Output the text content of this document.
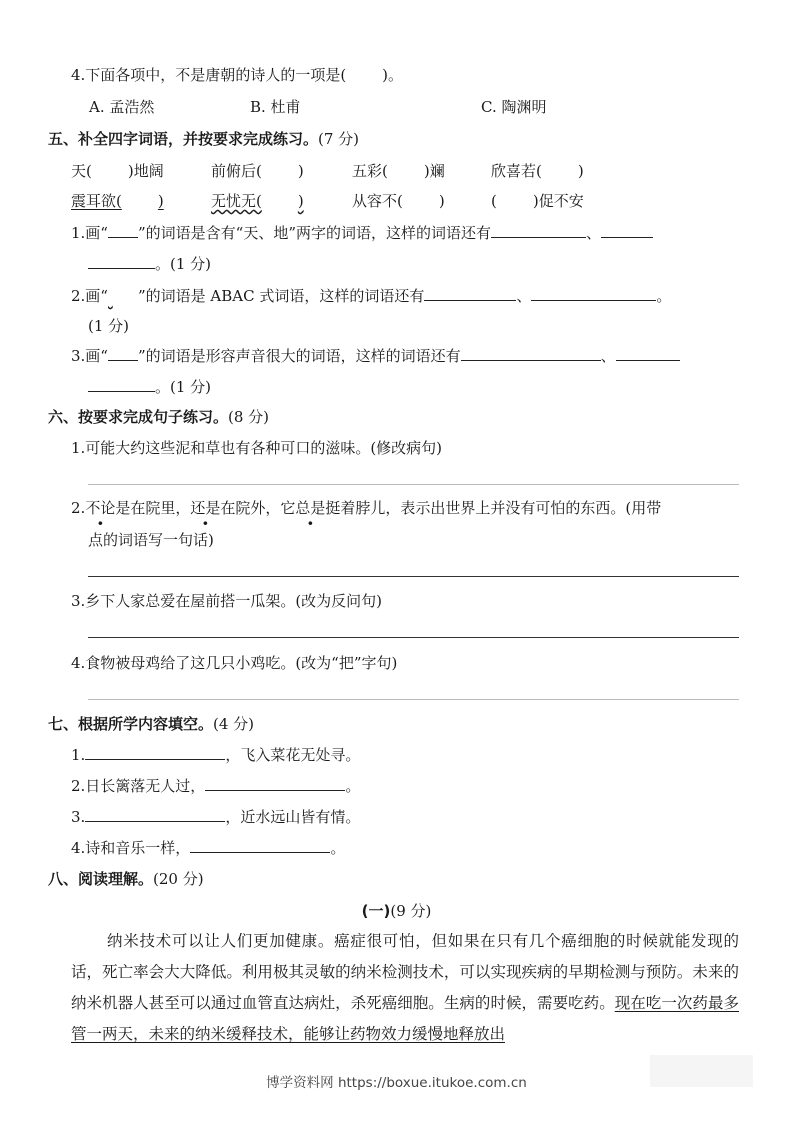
4.下面各项中，不是唐朝的诗人的一项是( )。
A. 孟浩然	B. 杜甫	C. 陶渊明
五、补全四字词语，并按要求完成练习。(7 分)
天( )地阔	前俯后( )	五彩( )斓	欣喜若( )
震耳欲( )	无忧无( )	从容不( )	( )促不安
1.画“ ”的词语是含有“天、地”两字的词语，这样的词语还有	、
。(1 分)
2.画“ ”的词语是 ABAC 式词语，这样的词语还有	、	。
(1 分)
3.画“ ”的词语是形容声音很大的词语，这样的词语还有	、
。(1 分)
六、按要求完成句子练习。(8 分)
1.可能大约这些泥和草也有各种可口的滋味。(修改病句)
2.不论是在院里，还是在院外，它总是挺着脖儿，表示出世界上并没有可怕的东西。(用带
点的词语写一句话)
3.乡下人家总爱在屋前搭一瓜架。(改为反问句)
4.食物被母鸡给了这几只小鸡吃。(改为“把”字句)
七、根据所学内容填空。(4 分)
1.	，飞入菜花无处寻。
2.日长篱落无人过，	。
3.	，近水远山皆有情。
4.诗和音乐一样，	。
八、阅读理解。(20 分)
(一)(9 分)
纳米技术可以让人们更加健康。癌症很可怕，但如果在只有几个癌细胞的时候就能发现的话，死亡率会大大降低。利用极其灵敏的纳米检测技术，可以实现疾病的早期检测与预防。未来的纳米机器人甚至可以通过血管直达病灶，杀死癌细胞。生病的时候，需要吃药。现在吃一次药最多管一两天，未来的纳米缓释技术，能够让药物效力缓慢地释放出
博学资料网 https://boxue.itukoe.com.cn
